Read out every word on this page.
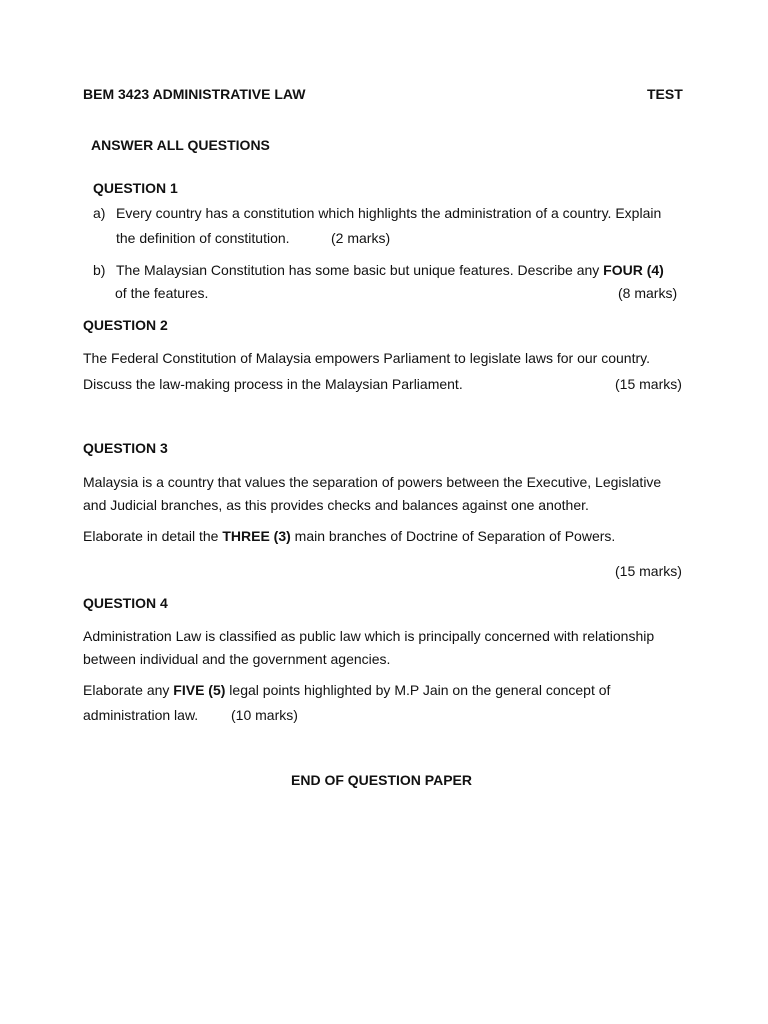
BEM 3423 ADMINISTRATIVE LAW	TEST
ANSWER ALL QUESTIONS
QUESTION 1
a) Every country has a constitution which highlights the administration of a country. Explain
the definition of constitution.	(2 marks)
b) The Malaysian Constitution has some basic but unique features. Describe any FOUR (4)
of the features.	(8 marks)
QUESTION 2
The Federal Constitution of Malaysia empowers Parliament to legislate laws for our country.
Discuss the law-making process in the Malaysian Parliament.	(15 marks)
QUESTION 3
Malaysia is a country that values the separation of powers between the Executive, Legislative
and Judicial branches, as this provides checks and balances against one another.
Elaborate in detail the THREE (3) main branches of Doctrine of Separation of Powers.
(15 marks)
QUESTION 4
Administration Law is classified as public law which is principally concerned with relationship
between individual and the government agencies.
Elaborate any FIVE (5) legal points highlighted by M.P Jain on the general concept of
administration law. (10 marks)
END OF QUESTION PAPER
